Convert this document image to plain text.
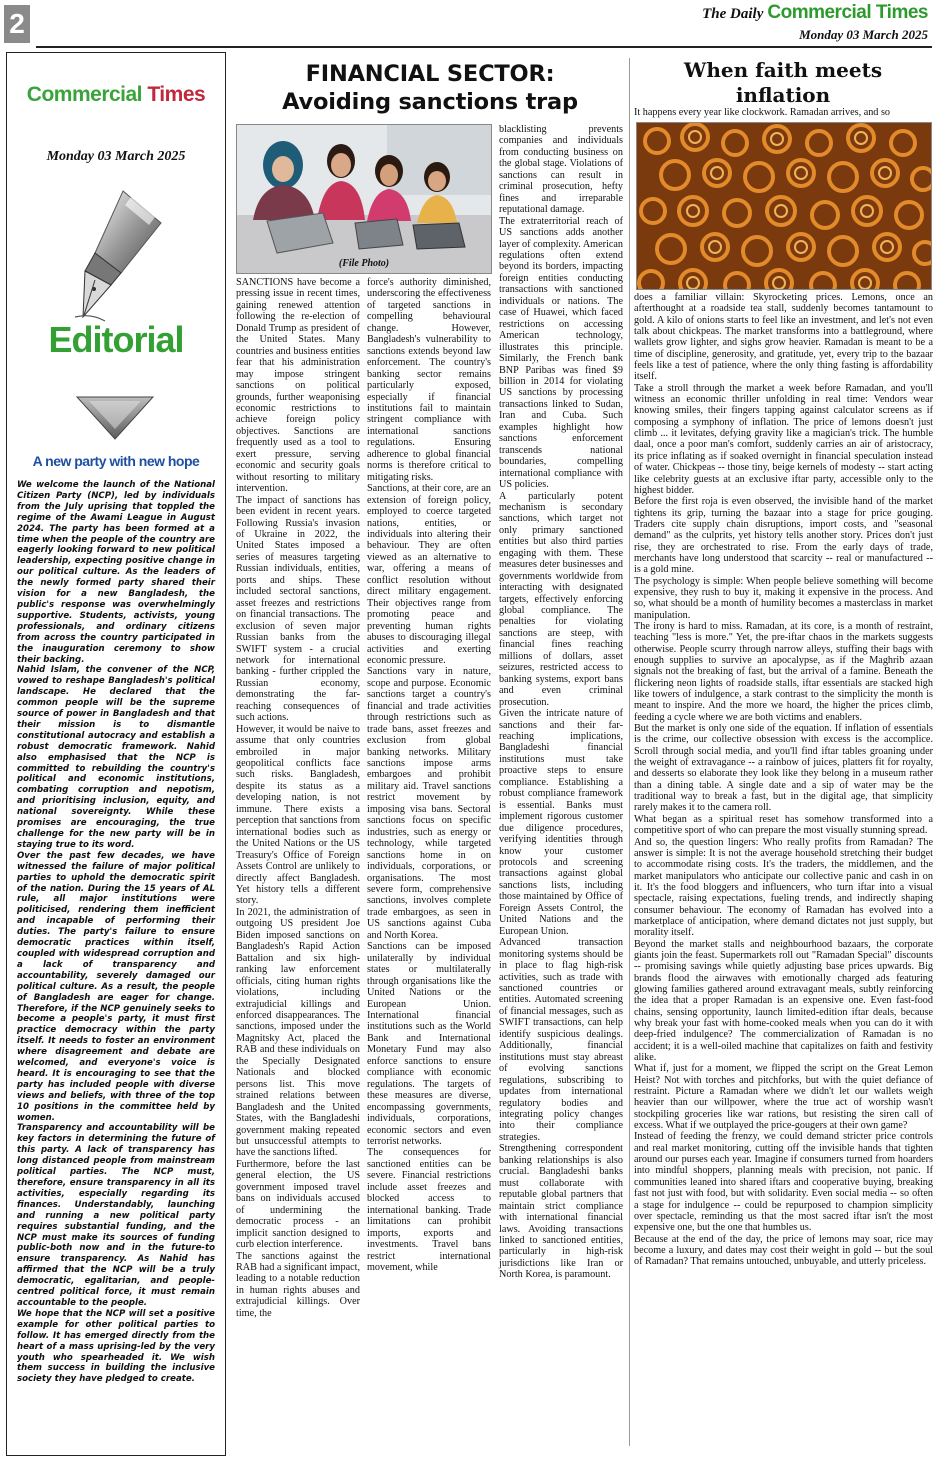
2	The Daily Commercial Times
Monday 03 March 2025
Commercial Times
Monday 03 March 2025
Editorial
A new party with new hope

We welcome the launch of the National Citizen Party (NCP), led by individuals from the July uprising that toppled the regime of the Awami League in August 2024. The party has been formed at a time when the people of the country are eagerly looking forward to new political leadership, expecting positive change in our political culture. As the leaders of the newly formed party shared their vision for a new Bangladesh, the public's response was overwhelmingly supportive. Students, activists, young professionals, and ordinary citizens from across the country participated in the inauguration ceremony to show their backing.

Nahid Islam, the convener of the NCP, vowed to reshape Bangladesh's political landscape. He declared that the common people will be the supreme source of power in Bangladesh and that their mission is to dismantle constitutional autocracy and establish a robust democratic framework. Nahid also emphasised that the NCP is committed to rebuilding the country's political and economic institutions, combating corruption and nepotism, and prioritising inclusion, equity, and national sovereignty. While these promises are encouraging, the true challenge for the new party will be in staying true to its word.

Over the past few decades, we have witnessed the failure of major political parties to uphold the democratic spirit of the nation. During the 15 years of AL rule, all major institutions were politicised, rendering them inefficient and incapable of performing their duties. The party's failure to ensure democratic practices within itself, coupled with widespread corruption and a lack of transparency and accountability, severely damaged our political culture. As a result, the people of Bangladesh are eager for change. Therefore, if the NCP genuinely seeks to become a people's party, it must first practice democracy within the party itself. It needs to foster an environment where disagreement and debate are welcomed, and everyone's voice is heard. It is encouraging to see that the party has included people with diverse views and beliefs, with three of the top 10 positions in the committee held by women.

Transparency and accountability will be key factors in determining the future of this party. A lack of transparency has long distanced people from mainstream political parties. The NCP must, therefore, ensure transparency in all its activities, especially regarding its finances. Understandably, launching and running a new political party requires substantial funding, and the NCP must make its sources of funding public-both now and in the future-to ensure transparency. As Nahid has affirmed that the NCP will be a truly democratic, egalitarian, and people-centred political force, it must remain accountable to the people.

We hope that the NCP will set a positive example for other political parties to follow. It has emerged directly from the heart of a mass uprising-led by the very youth who spearheaded it. We wish them success in building the inclusive society they have pledged to create.

FINANCIAL SECTOR:
Avoiding sanctions trap
(File Photo)

SANCTIONS have become a pressing issue in recent times, gaining renewed attention following the re-election of Donald Trump as president of the United States. Many countries and business entities fear that his administration may impose stringent sanctions on political grounds, further weaponising economic restrictions to achieve foreign policy objectives. Sanctions are frequently used as a tool to exert pressure, serving economic and security goals without resorting to military intervention.

The impact of sanctions has been evident in recent years. Following Russia's invasion of Ukraine in 2022, the United States imposed a series of measures targeting Russian individuals, entities, ports and ships. These included sectoral sanctions, asset freezes and restrictions on financial transactions. The exclusion of seven major Russian banks from the SWIFT system - a crucial network for international banking - further crippled the Russian economy, demonstrating the far-reaching consequences of such actions.

However, it would be naive to assume that only countries embroiled in major geopolitical conflicts face such risks. Bangladesh, despite its status as a developing nation, is not immune. There exists a perception that sanctions from international bodies such as the United Nations or the US Treasury's Office of Foreign Assets Control are unlikely to directly affect Bangladesh. Yet history tells a different story.

In 2021, the administration of outgoing US president Joe Biden imposed sanctions on Bangladesh's Rapid Action Battalion and six high-ranking law enforcement officials, citing human rights violations, including extrajudicial killings and enforced disappearances. The sanctions, imposed under the Magnitsky Act, placed the RAB and these individuals on the Specially Designated Nationals and blocked persons list. This move strained relations between Bangladesh and the United States, with the Bangladeshi government making repeated but unsuccessful attempts to have the sanctions lifted.

Furthermore, before the last general election, the US government imposed travel bans on individuals accused of undermining the democratic process - an implicit sanction designed to curb election interference.

The sanctions against the RAB had a significant impact, leading to a notable reduction in human rights abuses and extrajudicial killings. Over time, the

force's authority diminished, underscoring the effectiveness of targeted sanctions in compelling behavioural change. However, Bangladesh's vulnerability to sanctions extends beyond law enforcement. The country's banking sector remains particularly exposed, especially if financial institutions fail to maintain stringent compliance with international sanctions regulations. Ensuring adherence to global financial norms is therefore critical to mitigating risks.

Sanctions, at their core, are an extension of foreign policy, employed to coerce targeted nations, entities, or individuals into altering their behaviour. They are often viewed as an alternative to war, offering a means of conflict resolution without direct military engagement. Their objectives range from promoting peace and preventing human rights abuses to discouraging illegal activities and exerting economic pressure.

Sanctions vary in nature, scope and purpose. Economic sanctions target a country's financial and trade activities through restrictions such as trade bans, asset freezes and exclusion from global banking networks. Military sanctions impose arms embargoes and prohibit military aid. Travel sanctions restrict movement by imposing visa bans. Sectoral sanctions focus on specific industries, such as energy or technology, while targeted sanctions home in on individuals, corporations, or organisations. The most severe form, comprehensive sanctions, involves complete trade embargoes, as seen in US sanctions against Cuba and North Korea.

Sanctions can be imposed unilaterally by individual states or multilaterally through organisations like the United Nations or the European Union. International financial institutions such as the World Bank and International Monetary Fund may also enforce sanctions to ensure compliance with economic regulations. The targets of these measures are diverse, encompassing governments, individuals, corporations, economic sectors and even terrorist networks.

The consequences for sanctioned entities can be severe. Financial restrictions include asset freezes and blocked access to international banking. Trade limitations can prohibit imports, exports and investments. Travel bans restrict international movement, while

blacklisting prevents companies and individuals from conducting business on the global stage. Violations of sanctions can result in criminal prosecution, hefty fines and irreparable reputational damage.

The extraterritorial reach of US sanctions adds another layer of complexity. American regulations often extend beyond its borders, impacting foreign entities conducting transactions with sanctioned individuals or nations. The case of Huawei, which faced restrictions on accessing American technology, illustrates this principle. Similarly, the French bank BNP Paribas was fined $9 billion in 2014 for violating US sanctions by processing transactions linked to Sudan, Iran and Cuba. Such examples highlight how sanctions enforcement transcends national boundaries, compelling international compliance with US policies.

A particularly potent mechanism is secondary sanctions, which target not only primary sanctioned entities but also third parties engaging with them. These measures deter businesses and governments worldwide from interacting with designated targets, effectively enforcing global compliance. The penalties for violating sanctions are steep, with financial fines reaching millions of dollars, asset seizures, restricted access to banking systems, export bans and even criminal prosecution.

Given the intricate nature of sanctions and their far-reaching implications, Bangladeshi financial institutions must take proactive steps to ensure compliance. Establishing a robust compliance framework is essential. Banks must implement rigorous customer due diligence procedures, verifying identities through know your customer protocols and screening transactions against global sanctions lists, including those maintained by Office of Foreign Assets Control, the United Nations and the European Union.

Advanced transaction monitoring systems should be in place to flag high-risk activities, such as trade with sanctioned countries or entities. Automated screening of financial messages, such as SWIFT transactions, can help identify suspicious dealings. Additionally, financial institutions must stay abreast of evolving sanctions regulations, subscribing to updates from international regulatory bodies and integrating policy changes into their compliance strategies.

Strengthening correspondent banking relationships is also crucial. Bangladeshi banks must collaborate with reputable global partners that maintain strict compliance with international financial laws. Avoiding transactions linked to sanctioned entities, particularly in high-risk jurisdictions like Iran or North Korea, is paramount.

When faith meets
inflation
It happens every year like clockwork. Ramadan arrives, and so

does a familiar villain: Skyrocketing prices. Lemons, once an afterthought at a roadside tea stall, suddenly becomes tantamount to gold. A kilo of onions starts to feel like an investment, and let's not even talk about chickpeas. The market transforms into a battleground, where wallets grow lighter, and sighs grow heavier. Ramadan is meant to be a time of discipline, generosity, and gratitude, yet, every trip to the bazaar feels like a test of patience, where the only thing fasting is affordability itself.

Take a stroll through the market a week before Ramadan, and you'll witness an economic thriller unfolding in real time: Vendors wear knowing smiles, their fingers tapping against calculator screens as if composing a symphony of inflation. The price of lemons doesn't just climb ... it levitates, defying gravity like a magician's trick. The humble daal, once a poor man's comfort, suddenly carries an air of aristocracy, its price inflating as if soaked overnight in financial speculation instead of water. Chickpeas -- those tiny, beige kernels of modesty -- start acting like celebrity guests at an exclusive iftar party, accessible only to the highest bidder.

Before the first roja is even observed, the invisible hand of the market tightens its grip, turning the bazaar into a stage for price gouging. Traders cite supply chain disruptions, import costs, and "seasonal demand" as the culprits, yet history tells another story. Prices don't just rise, they are orchestrated to rise. From the early days of trade, merchants have long understood that scarcity -- real or manufactured -- is a gold mine.

The psychology is simple: When people believe something will become expensive, they rush to buy it, making it expensive in the process. And so, what should be a month of humility becomes a masterclass in market manipulation.

The irony is hard to miss. Ramadan, at its core, is a month of restraint, teaching "less is more." Yet, the pre-iftar chaos in the markets suggests otherwise. People scurry through narrow alleys, stuffing their bags with enough supplies to survive an apocalypse, as if the Maghrib azaan signals not the breaking of fast, but the arrival of a famine. Beneath the flickering neon lights of roadside stalls, iftar essentials are stacked high like towers of indulgence, a stark contrast to the simplicity the month is meant to inspire. And the more we hoard, the higher the prices climb, feeding a cycle where we are both victims and enablers.

But the market is only one side of the equation. If inflation of essentials is the crime, our collective obsession with excess is the accomplice. Scroll through social media, and you'll find iftar tables groaning under the weight of extravagance -- a rainbow of juices, platters fit for royalty, and desserts so elaborate they look like they belong in a museum rather than a dining table. A single date and a sip of water may be the traditional way to break a fast, but in the digital age, that simplicity rarely makes it to the camera roll.

What began as a spiritual reset has somehow transformed into a competitive sport of who can prepare the most visually stunning spread.

And so, the question lingers: Who really profits from Ramadan? The answer is simple: It is not the average household stretching their budget to accommodate rising costs. It's the traders, the middlemen, and the market manipulators who anticipate our collective panic and cash in on it. It's the food bloggers and influencers, who turn iftar into a visual spectacle, raising expectations, fueling trends, and indirectly shaping consumer behaviour. The economy of Ramadan has evolved into a marketplace of anticipation, where demand dictates not just supply, but morality itself.

Beyond the market stalls and neighbourhood bazaars, the corporate giants join the feast. Supermarkets roll out "Ramadan Special" discounts -- promising savings while quietly adjusting base prices upwards. Big brands flood the airwaves with emotionally charged ads featuring glowing families gathered around extravagant meals, subtly reinforcing the idea that a proper Ramadan is an expensive one. Even fast-food chains, sensing opportunity, launch limited-edition iftar deals, because why break your fast with home-cooked meals when you can do it with deep-fried indulgence? The commercialization of Ramadan is no accident; it is a well-oiled machine that capitalizes on faith and festivity alike.

What if, just for a moment, we flipped the script on the Great Lemon Heist? Not with torches and pitchforks, but with the quiet defiance of restraint. Picture a Ramadan where we didn't let our wallets weigh heavier than our willpower, where the true act of worship wasn't stockpiling groceries like war rations, but resisting the siren call of excess. What if we outplayed the price-gougers at their own game?

Instead of feeding the frenzy, we could demand stricter price controls and real market monitoring, cutting off the invisible hands that tighten around our purses each year. Imagine if consumers turned from hoarders into mindful shoppers, planning meals with precision, not panic. If communities leaned into shared iftars and cooperative buying, breaking fast not just with food, but with solidarity. Even social media -- so often a stage for indulgence -- could be repurposed to champion simplicity over spectacle, reminding us that the most sacred iftar isn't the most expensive one, but the one that humbles us.

Because at the end of the day, the price of lemons may soar, rice may become a luxury, and dates may cost their weight in gold -- but the soul of Ramadan? That remains untouched, unbuyable, and utterly priceless.
